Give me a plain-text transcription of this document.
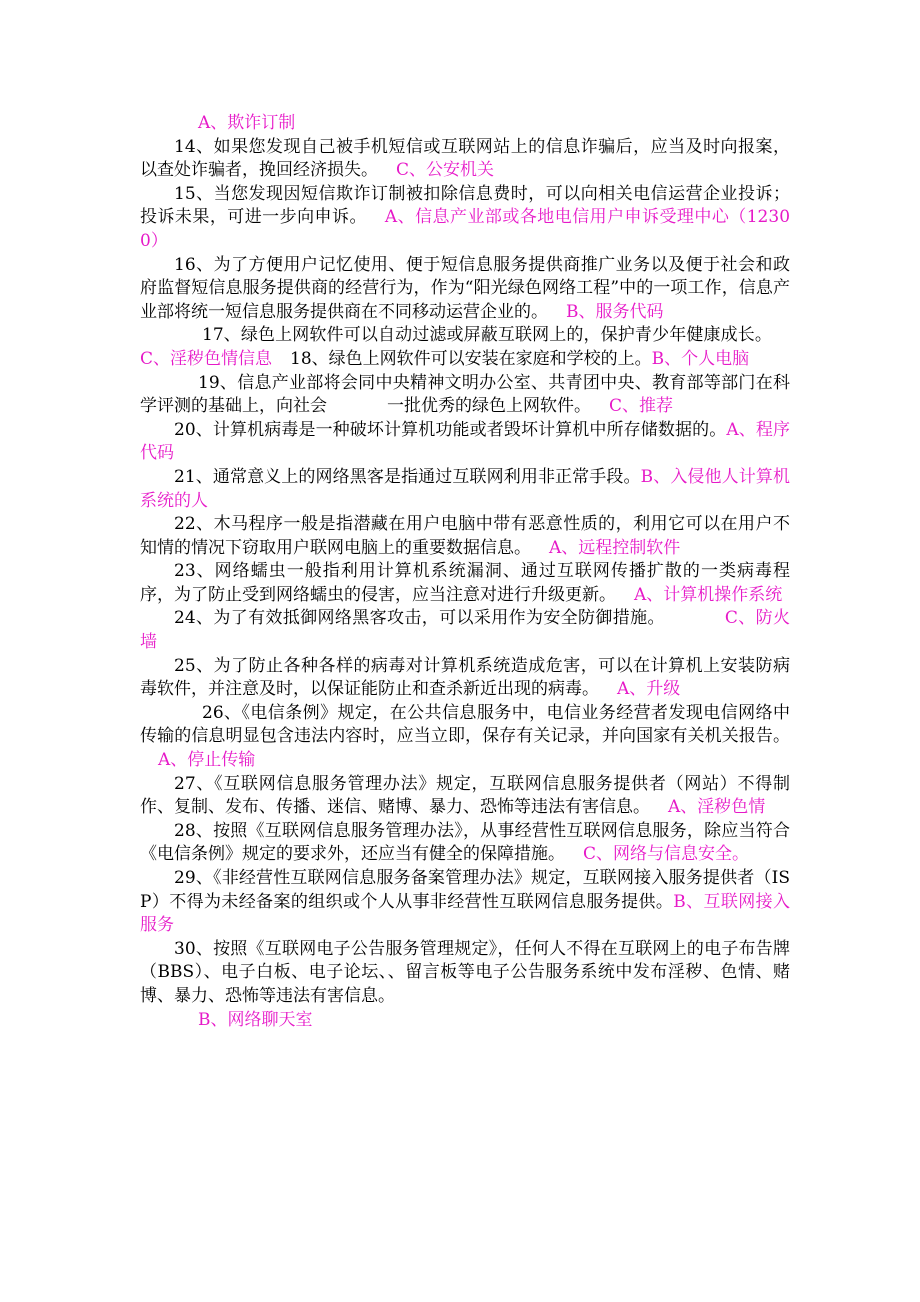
A、欺诈订制

14、如果您发现自己被手机短信或互联网站上的信息诈骗后，应当及时向报案，以查处诈骗者，挽回经济损失。 C、公安机关

15、当您发现因短信欺诈订制被扣除信息费时，可以向相关电信运营企业投诉；投诉未果，可进一步向申诉。 A、信息产业部或各地电信用户申诉受理中心（12300）

16、为了方便用户记忆使用、便于短信息服务提供商推广业务以及便于社会和政府监督短信息服务提供商的经营行为，作为“阳光绿色网络工程”中的一项工作，信息产业部将统一短信息服务提供商在不同移动运营企业的。 B、服务代码

17、绿色上网软件可以自动过滤或屏蔽互联网上的，保护青少年健康成长。C、淫秽色情信息 18、绿色上网软件可以安装在家庭和学校的上。B、个人电脑

19、信息产业部将会同中央精神文明办公室、共青团中央、教育部等部门在科学评测的基础上，向社会	一批优秀的绿色上网软件。 C、推荐

20、计算机病毒是一种破坏计算机功能或者毁坏计算机中所存储数据的。A、程序代码

21、通常意义上的网络黑客是指通过互联网利用非正常手段。B、入侵他人计算机系统的人

22、木马程序一般是指潜藏在用户电脑中带有恶意性质的，利用它可以在用户不知情的情况下窃取用户联网电脑上的重要数据信息。 A、远程控制软件

23、网络蠕虫一般指利用计算机系统漏洞、通过互联网传播扩散的一类病毒程序，为了防止受到网络蠕虫的侵害，应当注意对进行升级更新。 A、计算机操作系统

24、为了有效抵御网络黑客攻击，可以采用作为安全防御措施。	C、防火墙

25、为了防止各种各样的病毒对计算机系统造成危害，可以在计算机上安装防病毒软件，并注意及时，以保证能防止和查杀新近出现的病毒。 A、升级

26、《电信条例》规定，在公共信息服务中，电信业务经营者发现电信网络中传输的信息明显包含违法内容时，应当立即，保存有关记录，并向国家有关机关报告。A、停止传输

27、《互联网信息服务管理办法》规定，互联网信息服务提供者（网站）不得制作、复制、发布、传播、迷信、赌博、暴力、恐怖等违法有害信息。 A、淫秽色情

28、按照《互联网信息服务管理办法》，从事经营性互联网信息服务，除应当符合《电信条例》规定的要求外，还应当有健全的保障措施。 C、网络与信息安全。

29、《非经营性互联网信息服务备案管理办法》规定，互联网接入服务提供者（ISP）不得为未经备案的组织或个人从事非经营性互联网信息服务提供。B、互联网接入服务

30、按照《互联网电子公告服务管理规定》，任何人不得在互联网上的电子布告牌（BBS）、电子白板、电子论坛、、留言板等电子公告服务系统中发布淫秽、色情、赌博、暴力、恐怖等违法有害信息。

B、网络聊天室
